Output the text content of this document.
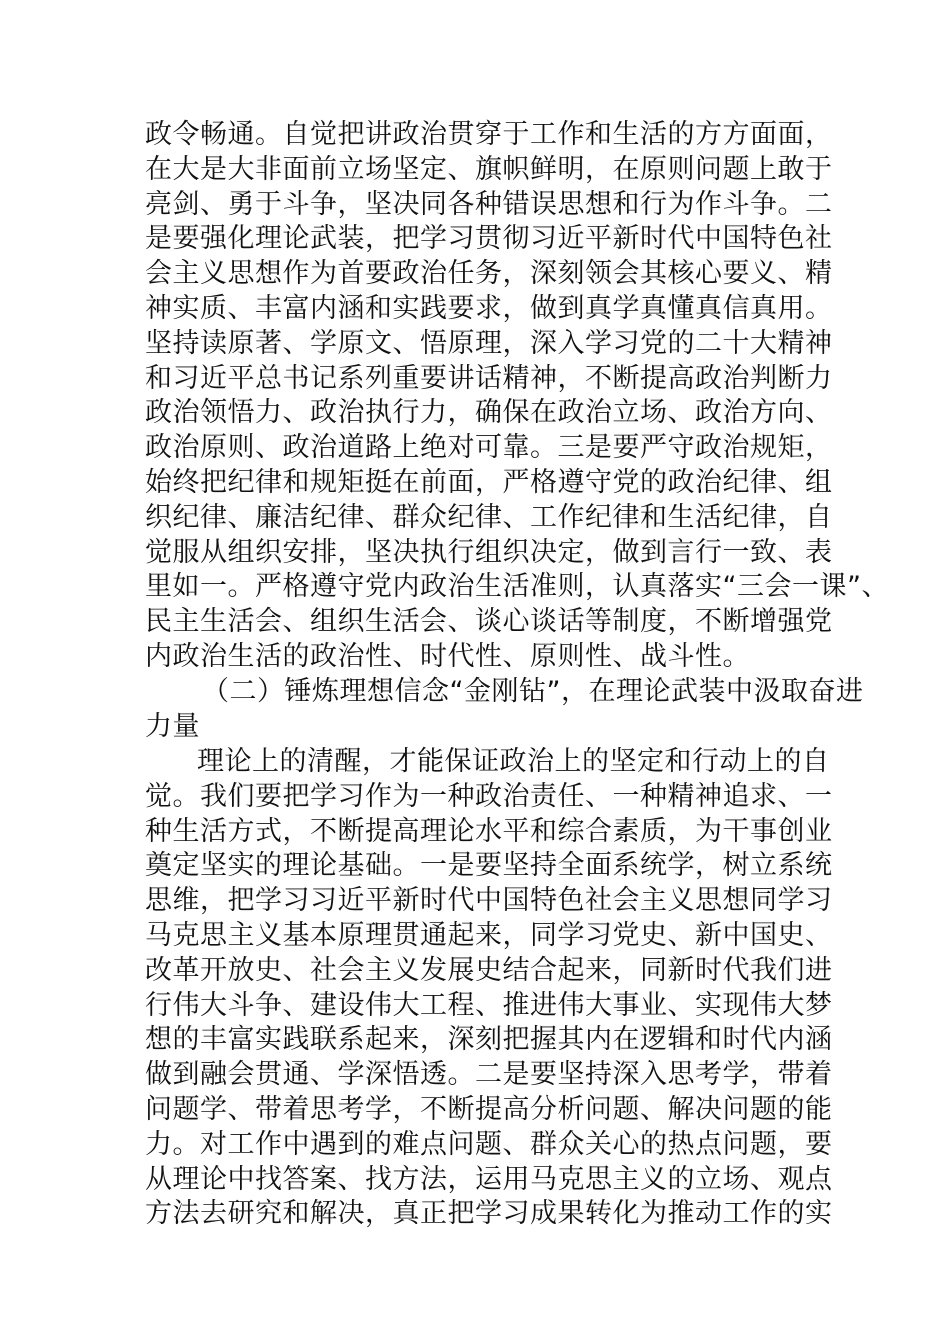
政令畅通。自觉把讲政治贯穿于工作和生活的方方面面，
在大是大非面前立场坚定、旗帜鲜明，在原则问题上敢于
亮剑、勇于斗争，坚决同各种错误思想和行为作斗争。二
是要强化理论武装，把学习贯彻习近平新时代中国特色社
会主义思想作为首要政治任务，深刻领会其核心要义、精
神实质、丰富内涵和实践要求，做到真学真懂真信真用。
坚持读原著、学原文、悟原理，深入学习党的二十大精神
和习近平总书记系列重要讲话精神，不断提高政治判断力
政治领悟力、政治执行力，确保在政治立场、政治方向、
政治原则、政治道路上绝对可靠。三是要严守政治规矩，
始终把纪律和规矩挺在前面，严格遵守党的政治纪律、组
织纪律、廉洁纪律、群众纪律、工作纪律和生活纪律，自
觉服从组织安排，坚决执行组织决定，做到言行一致、表
里如一。严格遵守党内政治生活准则，认真落实“三会一课”、
民主生活会、组织生活会、谈心谈话等制度，不断增强党
内政治生活的政治性、时代性、原则性、战斗性。
（二）锤炼理想信念“金刚钻”，在理论武装中汲取奋进
力量
理论上的清醒，才能保证政治上的坚定和行动上的自
觉。我们要把学习作为一种政治责任、一种精神追求、一
种生活方式，不断提高理论水平和综合素质，为干事创业
奠定坚实的理论基础。一是要坚持全面系统学，树立系统
思维，把学习习近平新时代中国特色社会主义思想同学习
马克思主义基本原理贯通起来，同学习党史、新中国史、
改革开放史、社会主义发展史结合起来，同新时代我们进
行伟大斗争、建设伟大工程、推进伟大事业、实现伟大梦
想的丰富实践联系起来，深刻把握其内在逻辑和时代内涵
做到融会贯通、学深悟透。二是要坚持深入思考学，带着
问题学、带着思考学，不断提高分析问题、解决问题的能
力。对工作中遇到的难点问题、群众关心的热点问题，要
从理论中找答案、找方法，运用马克思主义的立场、观点
方法去研究和解决，真正把学习成果转化为推动工作的实
